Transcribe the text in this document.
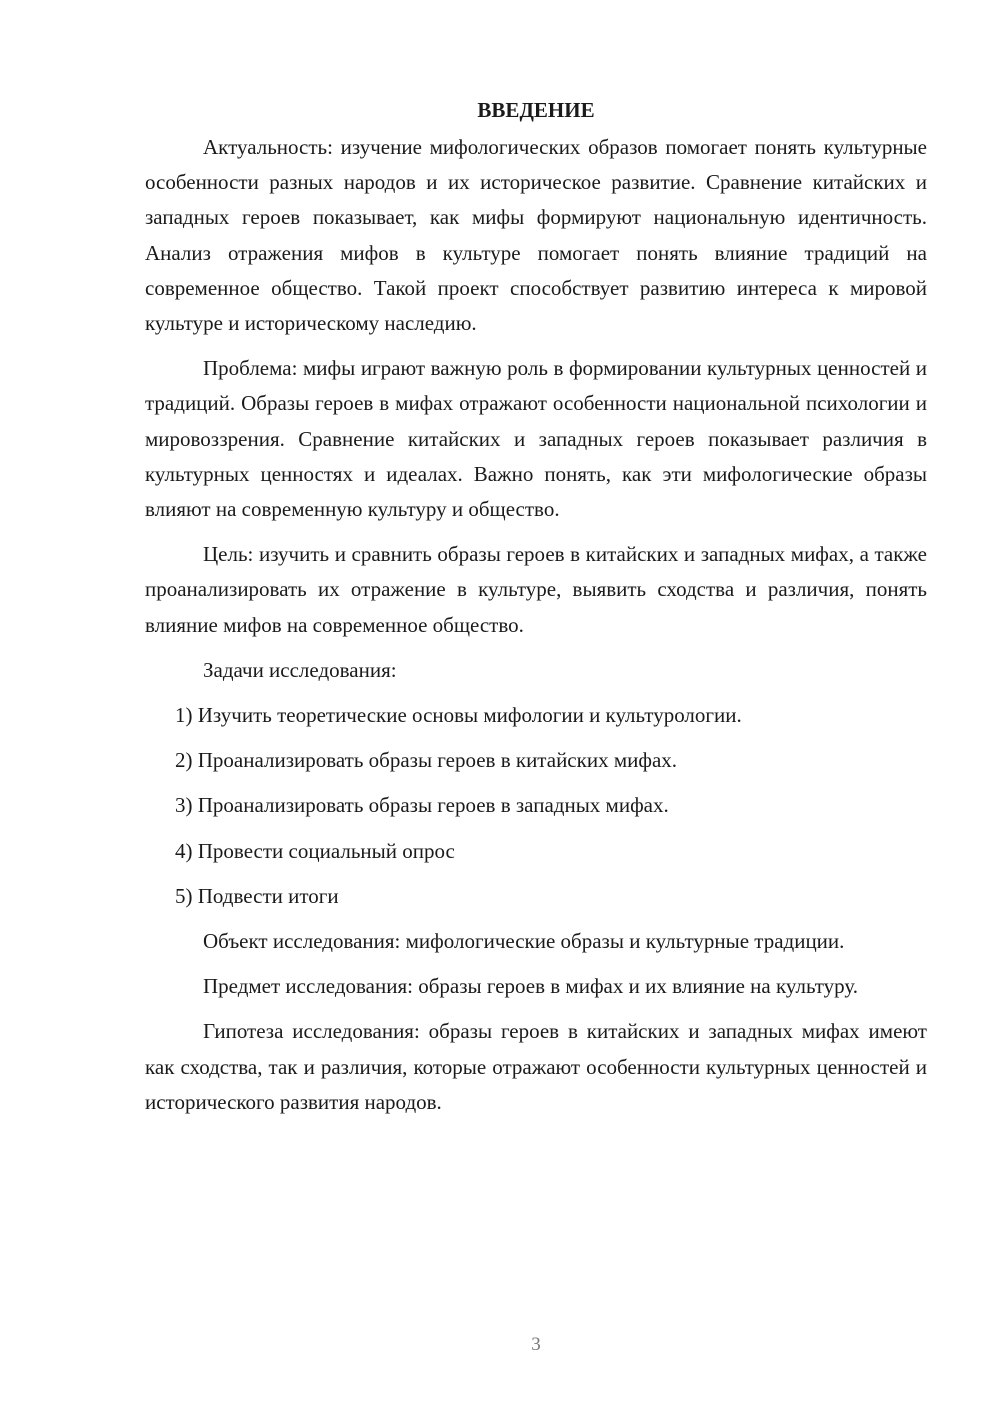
ВВЕДЕНИЕ

Актуальность: изучение мифологических образов помогает понять культурные особенности разных народов и их историческое развитие. Сравнение китайских и западных героев показывает, как мифы формируют национальную идентичность. Анализ отражения мифов в культуре помогает понять влияние традиций на современное общество. Такой проект способствует развитию интереса к мировой культуре и историческому наследию.

Проблема: мифы играют важную роль в формировании культурных ценностей и традиций. Образы героев в мифах отражают особенности национальной психологии и мировоззрения. Сравнение китайских и западных героев показывает различия в культурных ценностях и идеалах. Важно понять, как эти мифологические образы влияют на современную культуру и общество.

Цель: изучить и сравнить образы героев в китайских и западных мифах, а также проанализировать их отражение в культуре, выявить сходства и различия, понять влияние мифов на современное общество.

Задачи исследования:

1) Изучить теоретические основы мифологии и культурологии.

2) Проанализировать образы героев в китайских мифах.

3) Проанализировать образы героев в западных мифах.

4) Провести социальный опрос

5) Подвести итоги

Объект исследования: мифологические образы и культурные традиции.

Предмет исследования: образы героев в мифах и их влияние на культуру.

Гипотеза исследования: образы героев в китайских и западных мифах имеют как сходства, так и различия, которые отражают особенности культурных ценностей и исторического развития народов.

3
